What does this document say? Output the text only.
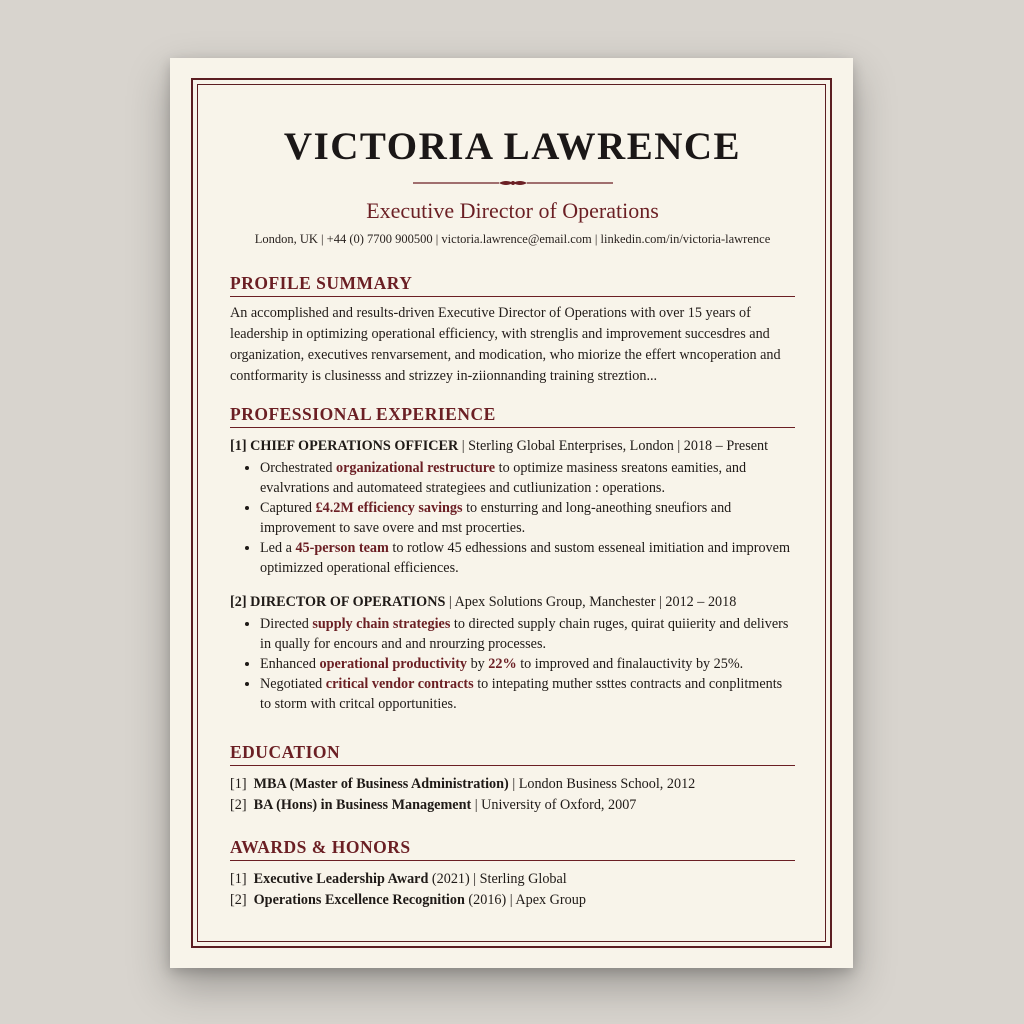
VICTORIA LAWRENCE
Executive Director of Operations
London, UK | +44 (0) 7700 900500 | victoria.lawrence@email.com | linkedin.com/in/victoria-lawrence
PROFILE SUMMARY
An accomplished and results-driven Executive Director of Operations with over 15 years of leadership in optimizing operational efficiency, with strenglis and improvement succesdres and organization, executives renvarsement, and modication, who miorize the effert wncoperation and contformarity is clusinesss and strizzey in-ziionnanding training streztion...
PROFESSIONAL EXPERIENCE
[1] CHIEF OPERATIONS OFFICER | Sterling Global Enterprises, London | 2018 – Present
• Orchestrated organizational restructure to optimize masiness sreatons eamities, and evalvrations and automateed strategiees and cutliunization : operations.
• Captured £4.2M efficiency savings to ensturring and long-aneothing sneufiors and improvement to save overe and mst procerties.
• Led a 45-person team to rotlow 45 edhessions and sustom esseneal imitiation and improvem optimizzed operational efficiences.
[2] DIRECTOR OF OPERATIONS | Apex Solutions Group, Manchester | 2012 – 2018
• Directed supply chain strategies to directed supply chain ruges, quirat quiierity and delivers in qually for encours and and nrourzing processes.
• Enhanced operational productivity by 22% to improved and finalauctivity by 25%.
• Negotiated critical vendor contracts to intepating muther ssttes contracts and conplitments to storm with critcal opportunities.
EDUCATION
[1] MBA (Master of Business Administration) | London Business School, 2012
[2] BA (Hons) in Business Management | University of Oxford, 2007
AWARDS & HONORS
[1] Executive Leadership Award (2021) | Sterling Global
[2] Operations Excellence Recognition (2016) | Apex Group
